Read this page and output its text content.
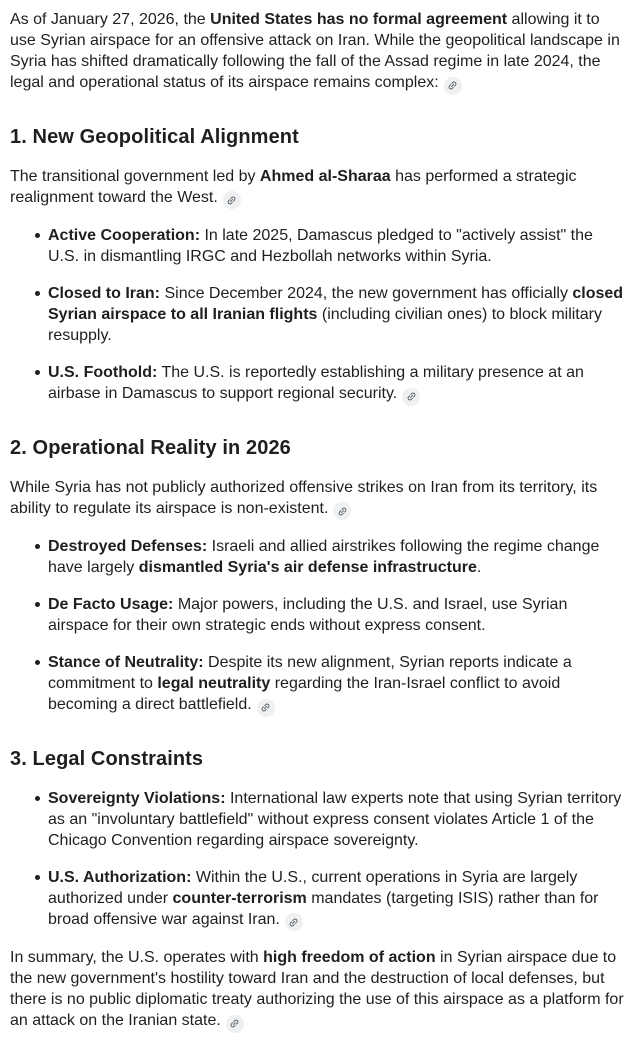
As of January 27, 2026, the United States has no formal agreement allowing it to use Syrian airspace for an offensive attack on Iran. While the geopolitical landscape in Syria has shifted dramatically following the fall of the Assad regime in late 2024, the legal and operational status of its airspace remains complex:

1. New Geopolitical Alignment

The transitional government led by Ahmed al-Sharaa has performed a strategic realignment toward the West.

Active Cooperation: In late 2025, Damascus pledged to "actively assist" the U.S. in dismantling IRGC and Hezbollah networks within Syria.
Closed to Iran: Since December 2024, the new government has officially closed Syrian airspace to all Iranian flights (including civilian ones) to block military resupply.
U.S. Foothold: The U.S. is reportedly establishing a military presence at an airbase in Damascus to support regional security.
2. Operational Reality in 2026

While Syria has not publicly authorized offensive strikes on Iran from its territory, its ability to regulate its airspace is non-existent.

Destroyed Defenses: Israeli and allied airstrikes following the regime change have largely dismantled Syria's air defense infrastructure.
De Facto Usage: Major powers, including the U.S. and Israel, use Syrian airspace for their own strategic ends without express consent.
Stance of Neutrality: Despite its new alignment, Syrian reports indicate a commitment to legal neutrality regarding the Iran-Israel conflict to avoid becoming a direct battlefield.
3. Legal Constraints
Sovereignty Violations: International law experts note that using Syrian territory as an "involuntary battlefield" without express consent violates Article 1 of the Chicago Convention regarding airspace sovereignty.
U.S. Authorization: Within the U.S., current operations in Syria are largely authorized under counter-terrorism mandates (targeting ISIS) rather than for broad offensive war against Iran.

In summary, the U.S. operates with high freedom of action in Syrian airspace due to the new government's hostility toward Iran and the destruction of local defenses, but there is no public diplomatic treaty authorizing the use of this airspace as a platform for an attack on the Iranian state.
